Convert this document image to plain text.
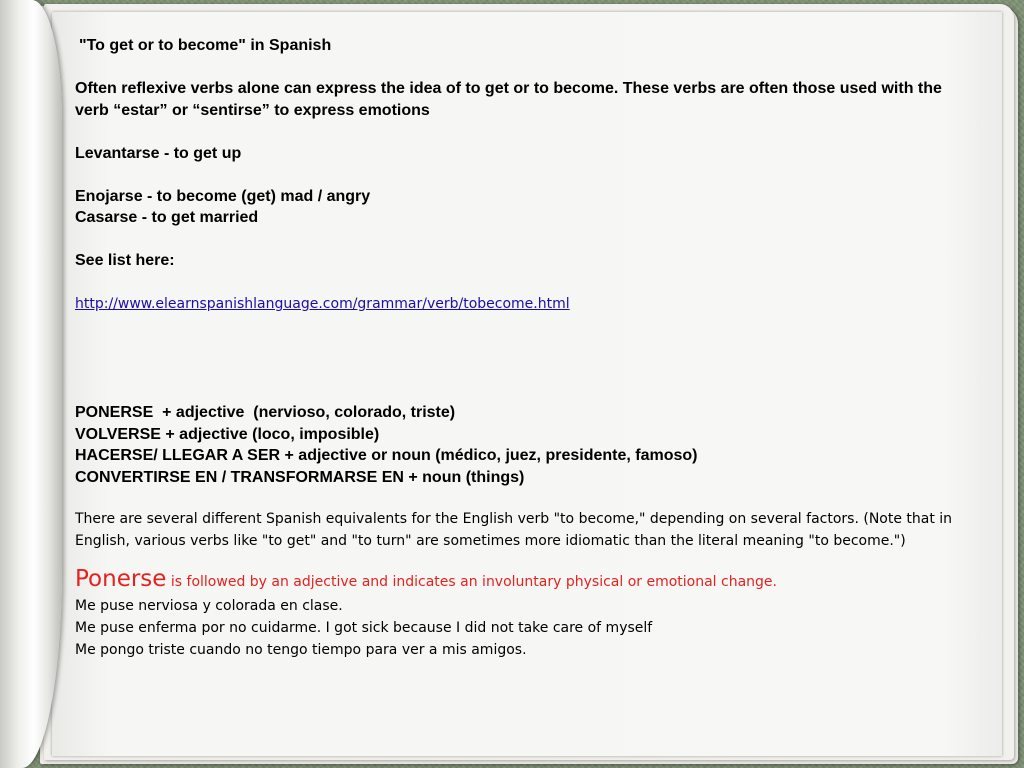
"To get or to become" in Spanish

Often reflexive verbs alone can express the idea of to get or to become. These verbs are often those used with the verb “estar” or “sentirse” to express emotions

Levantarse - to get up

Enojarse - to become (get) mad / angry

Casarse - to get married

See list here:

http://www.elearnspanishlanguage.com/grammar/verb/tobecome.html

PONERSE  + adjective  (nervioso, colorado, triste)

VOLVERSE + adjective (loco, imposible)

HACERSE/ LLEGAR A SER + adjective or noun (médico, juez, presidente, famoso)

CONVERTIRSE EN / TRANSFORMARSE EN + noun (things)

There are several different Spanish equivalents for the English verb "to become," depending on several factors. (Note that in English, various verbs like "to get" and "to turn" are sometimes more idiomatic than the literal meaning "to become.")

Ponerse is followed by an adjective and indicates an involuntary physical or emotional change.

Me puse nerviosa y colorada en clase.

Me puse enferma por no cuidarme. I got sick because I did not take care of myself

Me pongo triste cuando no tengo tiempo para ver a mis amigos.
